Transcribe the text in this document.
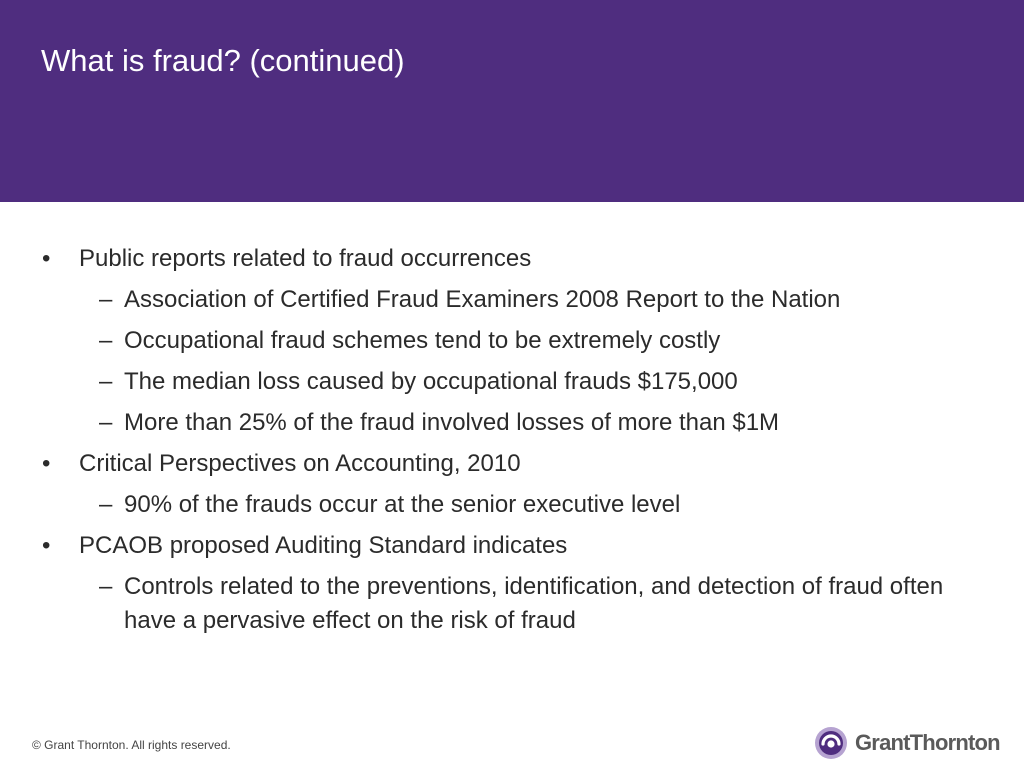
What is fraud? (continued)
• Public reports related to fraud occurrences
– Association of Certified Fraud Examiners 2008 Report to the Nation
– Occupational fraud schemes tend to be extremely costly
– The median loss caused by occupational frauds $175,000
– More than 25% of the fraud involved losses of more than $1M
• Critical Perspectives on Accounting, 2010
– 90% of the frauds occur at the senior executive level
• PCAOB proposed Auditing Standard indicates
– Controls related to the preventions, identification, and detection of fraud often have a pervasive effect on the risk of fraud
© Grant Thornton. All rights reserved.	GrantThornton
